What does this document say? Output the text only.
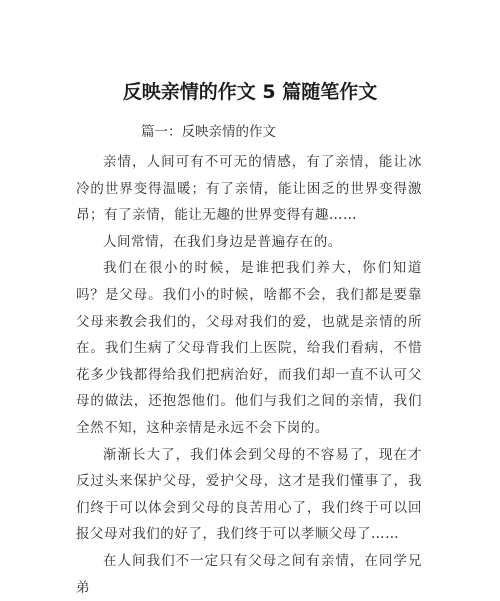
反映亲情的作文 5 篇随笔作文

篇一：反映亲情的作文

亲情，人间可有不可无的情感，有了亲情，能让冰冷的世界变得温暖；有了亲情，能让困乏的世界变得激昂；有了亲情，能让无趣的世界变得有趣……

人间常情，在我们身边是普遍存在的。

我们在很小的时候，是谁把我们养大，你们知道吗？是父母。我们小的时候，啥都不会，我们都是要靠父母来教会我们的，父母对我们的爱，也就是亲情的所在。我们生病了父母背我们上医院，给我们看病，不惜花多少钱都得给我们把病治好，而我们却一直不认可父母的做法，还抱怨他们。他们与我们之间的亲情，我们全然不知，这种亲情是永远不会下岗的。

渐渐长大了，我们体会到父母的不容易了，现在才反过头来保护父母，爱护父母，这才是我们懂事了，我们终于可以体会到父母的良苦用心了，我们终于可以回报父母对我们的好了，我们终于可以孝顺父母了……

在人间我们不一定只有父母之间有亲情，在同学兄弟
